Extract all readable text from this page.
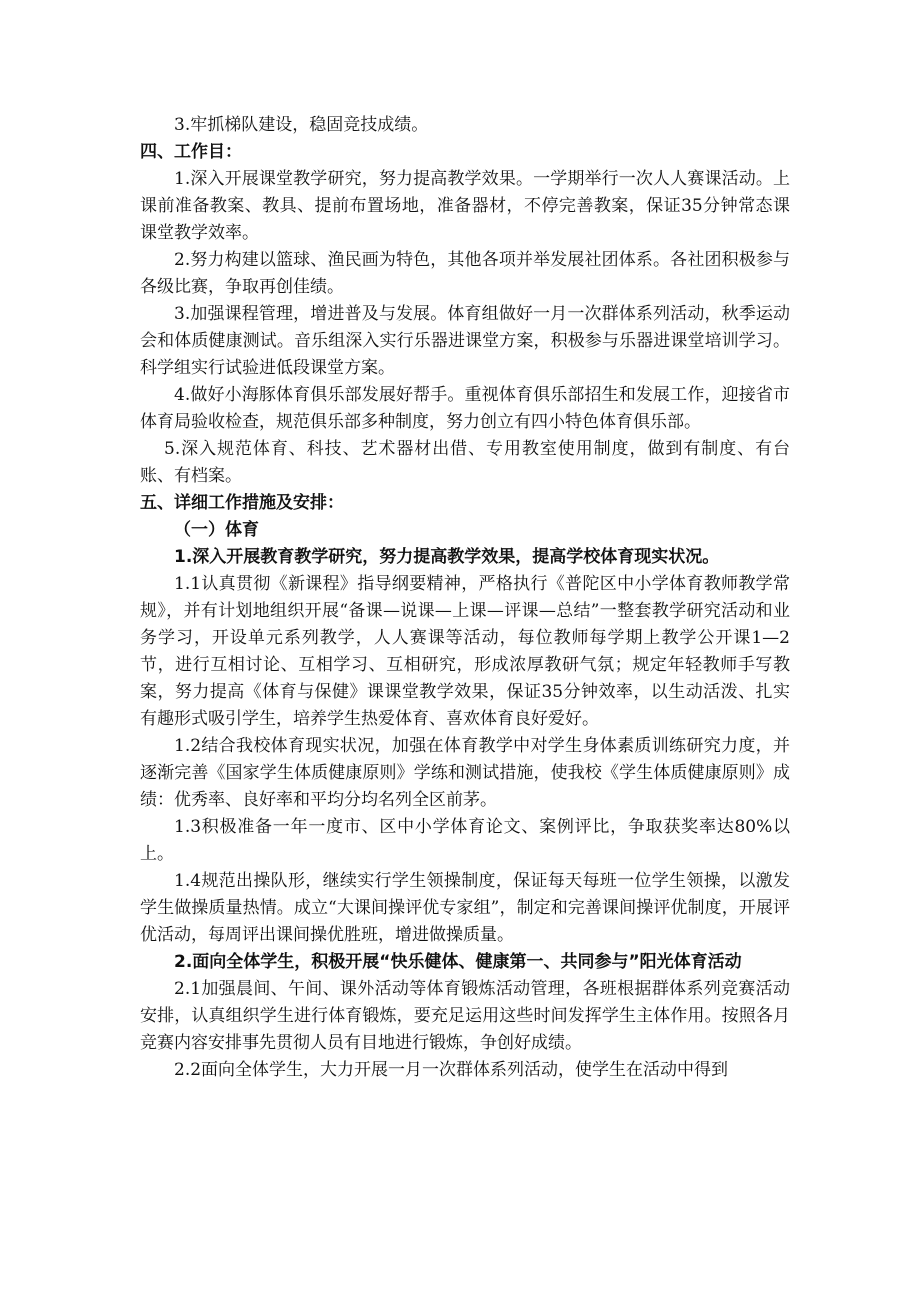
3.牢抓梯队建设，稳固竞技成绩。

四、工作目：

1.深入开展课堂教学研究，努力提高教学效果。一学期举行一次人人赛课活动。上课前准备教案、教具、提前布置场地，准备器材，不停完善教案，保证35分钟常态课课堂教学效率。

2.努力构建以篮球、渔民画为特色，其他各项并举发展社团体系。各社团积极参与各级比赛，争取再创佳绩。

3.加强课程管理，增进普及与发展。体育组做好一月一次群体系列活动，秋季运动会和体质健康测试。音乐组深入实行乐器进课堂方案，积极参与乐器进课堂培训学习。科学组实行试验进低段课堂方案。

4.做好小海豚体育俱乐部发展好帮手。重视体育俱乐部招生和发展工作，迎接省市体育局验收检查，规范俱乐部多种制度，努力创立有四小特色体育俱乐部。

5.深入规范体育、科技、艺术器材出借、专用教室使用制度，做到有制度、有台账、有档案。

五、详细工作措施及安排：

（一）体育

1.深入开展教育教学研究，努力提高教学效果，提高学校体育现实状况。

1.1认真贯彻《新课程》指导纲要精神，严格执行《普陀区中小学体育教师教学常规》，并有计划地组织开展“备课—说课—上课—评课—总结”一整套教学研究活动和业务学习，开设单元系列教学，人人赛课等活动，每位教师每学期上教学公开课1—2节，进行互相讨论、互相学习、互相研究，形成浓厚教研气氛；规定年轻教师手写教案，努力提高《体育与保健》课课堂教学效果，保证35分钟效率，以生动活泼、扎实有趣形式吸引学生，培养学生热爱体育、喜欢体育良好爱好。

1.2结合我校体育现实状况，加强在体育教学中对学生身体素质训练研究力度，并逐渐完善《国家学生体质健康原则》学练和测试措施，使我校《学生体质健康原则》成绩：优秀率、良好率和平均分均名列全区前茅。

1.3积极准备一年一度市、区中小学体育论文、案例评比，争取获奖率达80%以上。

1.4规范出操队形，继续实行学生领操制度，保证每天每班一位学生领操，以激发学生做操质量热情。成立“大课间操评优专家组”，制定和完善课间操评优制度，开展评优活动，每周评出课间操优胜班，增进做操质量。

2.面向全体学生，积极开展“快乐健体、健康第一、共同参与”阳光体育活动

2.1加强晨间、午间、课外活动等体育锻炼活动管理，各班根据群体系列竞赛活动安排，认真组织学生进行体育锻炼，要充足运用这些时间发挥学生主体作用。按照各月竞赛内容安排事先贯彻人员有目地进行锻炼，争创好成绩。

2.2面向全体学生，大力开展一月一次群体系列活动，使学生在活动中得到
